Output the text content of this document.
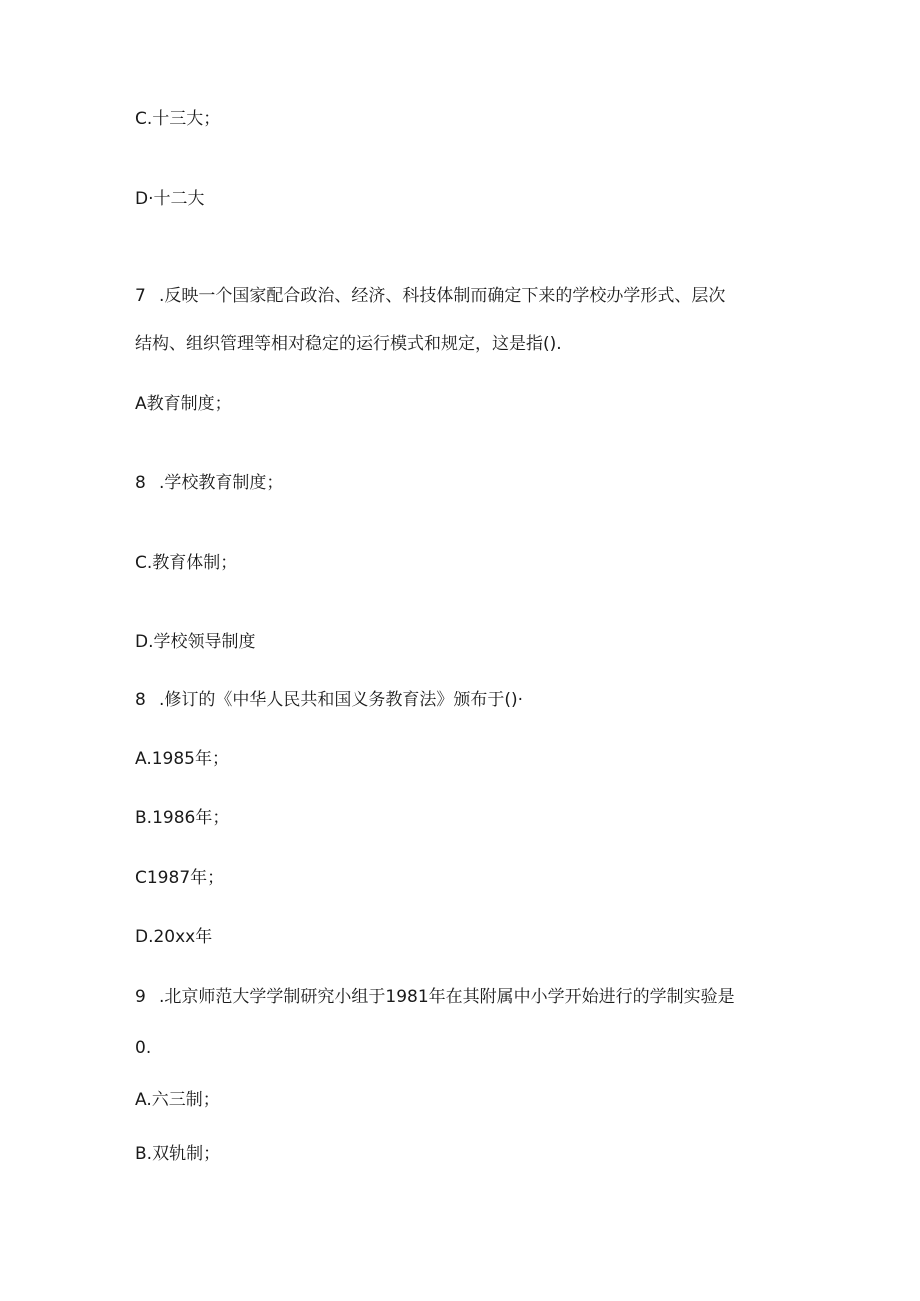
C.十三大；
D·十二大
7 .反映一个国家配合政治、经济、科技体制而确定下来的学校办学形式、层次
结构、组织管理等相对稳定的运行模式和规定，这是指().
A教育制度；
8 .学校教育制度；
C.教育体制；
D.学校领导制度
8 .修订的《中华人民共和国义务教育法》颁布于()·
A.1985年；
B.1986年；
C1987年；
D.20xx年
9 .北京师范大学学制研究小组于1981年在其附属中小学开始进行的学制实验是
0.
A.六三制；
B.双轨制；
